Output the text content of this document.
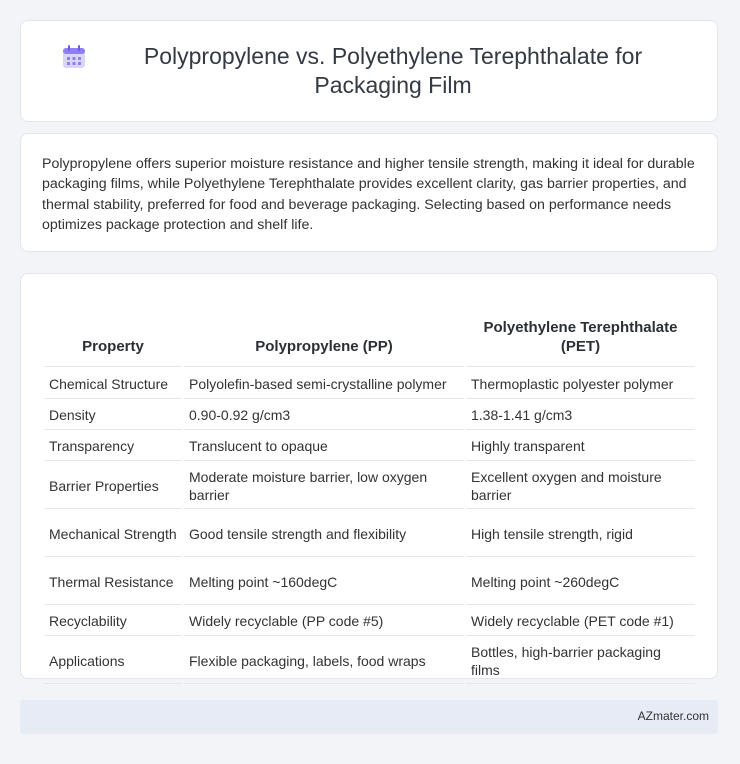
Polypropylene vs. Polyethylene Terephthalate for Packaging Film

Polypropylene offers superior moisture resistance and higher tensile strength, making it ideal for durable packaging films, while Polyethylene Terephthalate provides excellent clarity, gas barrier properties, and thermal stability, preferred for food and beverage packaging. Selecting based on performance needs optimizes package protection and shelf life.

Property	Polypropylene (PP)	Polyethylene Terephthalate (PET)
Chemical Structure	Polyolefin-based semi-crystalline polymer	Thermoplastic polyester polymer
Density	0.90-0.92 g/cm3	1.38-1.41 g/cm3
Transparency	Translucent to opaque	Highly transparent
Barrier Properties	Moderate moisture barrier, low oxygen barrier	Excellent oxygen and moisture barrier
Mechanical Strength	Good tensile strength and flexibility	High tensile strength, rigid
Thermal Resistance	Melting point ~160degC	Melting point ~260degC
Recyclability	Widely recyclable (PP code #5)	Widely recyclable (PET code #1)
Applications	Flexible packaging, labels, food wraps	Bottles, high-barrier packaging films
AZmater.com
